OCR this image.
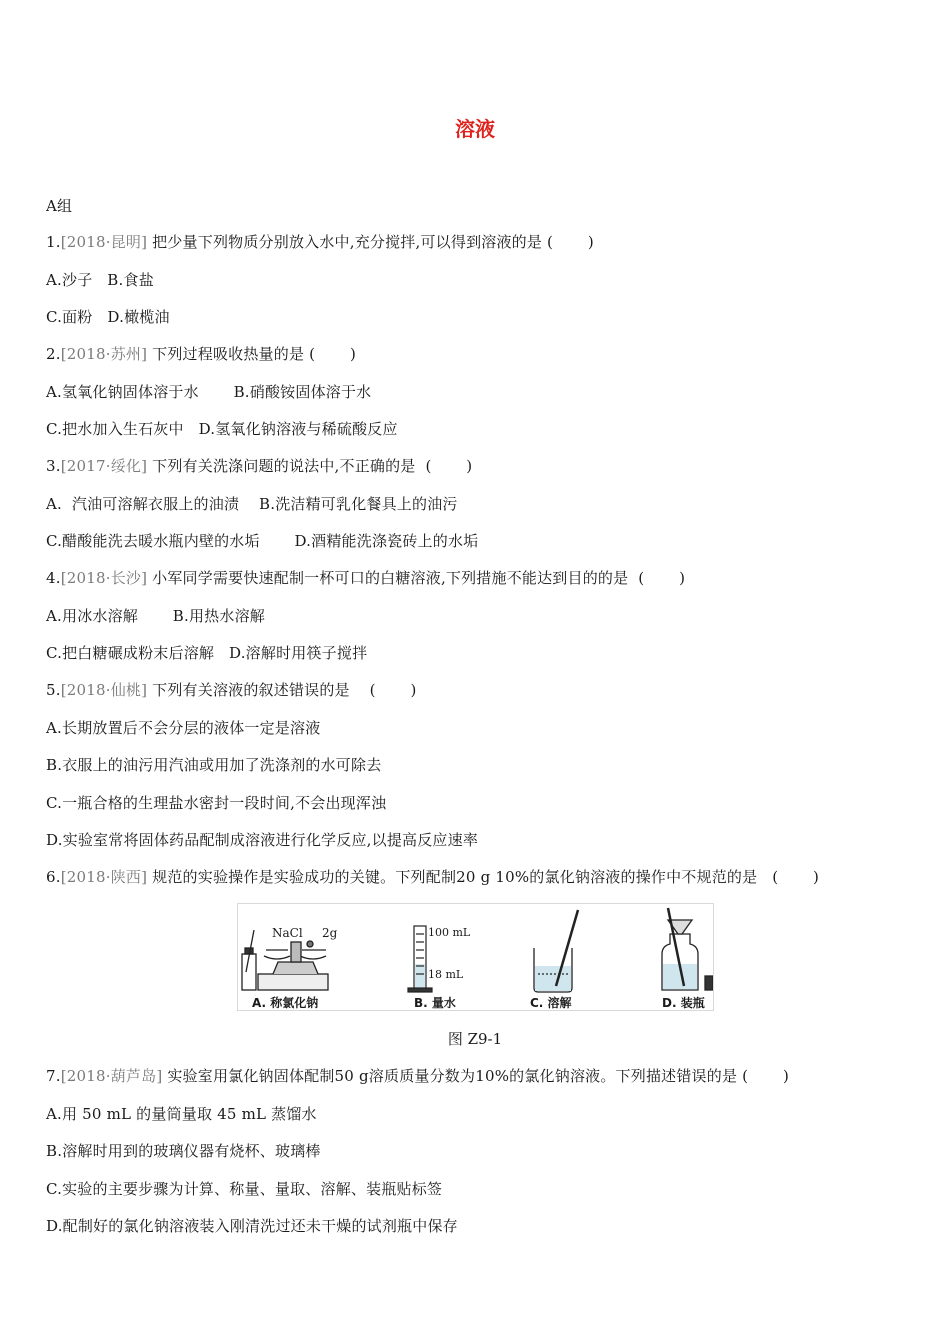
溶液
A组
1.[2018·昆明] 把少量下列物质分别放入水中,充分搅拌,可以得到溶液的是 (       )
A.沙子   B.食盐
C.面粉   D.橄榄油
2.[2018·苏州] 下列过程吸收热量的是 (       )
A.氢氧化钠固体溶于水       B.硝酸铵固体溶于水
C.把水加入生石灰中   D.氢氧化钠溶液与稀硫酸反应
3.[2017·绥化] 下列有关洗涤问题的说法中,不正确的是  (       )
A.  汽油可溶解衣服上的油渍    B.洗洁精可乳化餐具上的油污
C.醋酸能洗去暖水瓶内壁的水垢       D.酒精能洗涤瓷砖上的水垢
4.[2018·长沙] 小军同学需要快速配制一杯可口的白糖溶液,下列措施不能达到目的的是  (       )
A.用冰水溶解       B.用热水溶解
C.把白糖碾成粉末后溶解   D.溶解时用筷子搅拌
5.[2018·仙桃] 下列有关溶液的叙述错误的是    (       )
A.长期放置后不会分层的液体一定是溶液
B.衣服上的油污用汽油或用加了洗涤剂的水可除去
C.一瓶合格的生理盐水密封一段时间,不会出现浑浊
D.实验室常将固体药品配制成溶液进行化学反应,以提高反应速率
6.[2018·陕西] 规范的实验操作是实验成功的关键。下列配制20 g 10%的氯化钠溶液的操作中不规范的是   (       )
NaCl 2g	100 mL
18 mL
A. 称氯化钠	B. 量水	C. 溶解	D. 装瓶
图 Z9-1
7.[2018·葫芦岛] 实验室用氯化钠固体配制50 g溶质质量分数为10%的氯化钠溶液。下列描述错误的是 (       )
A.用 50 mL 的量筒量取 45 mL 蒸馏水
B.溶解时用到的玻璃仪器有烧杯、玻璃棒
C.实验的主要步骤为计算、称量、量取、溶解、装瓶贴标签
D.配制好的氯化钠溶液装入刚清洗过还未干燥的试剂瓶中保存
